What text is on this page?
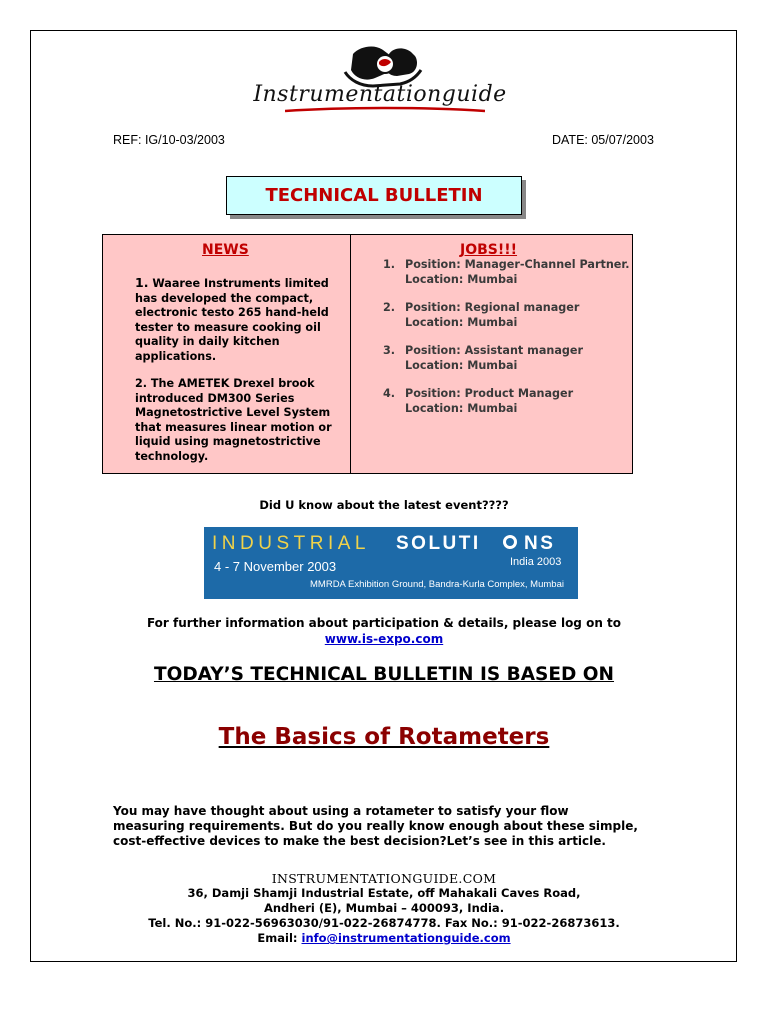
Instrumentationguide
REF: IG/10-03/2003	DATE: 05/07/2003
TECHNICAL BULLETIN
NEWS
1. Waaree Instruments limited has developed the compact, electronic testo 265 hand-held tester to measure cooking oil quality in daily kitchen applications.
2. The AMETEK Drexel brook introduced DM300 Series Magnetostrictive Level System that measures linear motion or liquid using magnetostrictive technology.
JOBS!!!
1. Position: Manager-Channel Partner.
Location: Mumbai
2. Position: Regional manager
Location: Mumbai
3. Position: Assistant manager
Location: Mumbai
4. Position: Product Manager
Location: Mumbai
Did U know about the latest event????
INDUSTRIAL SOLUTI NS
India 2003
4 - 7 November 2003
MMRDA Exhibition Ground, Bandra-Kurla Complex, Mumbai
For further information about participation & details, please log on to
www.is-expo.com
TODAY’S TECHNICAL BULLETIN IS BASED ON
The Basics of Rotameters
You may have thought about using a rotameter to satisfy your flow measuring requirements. But do you really know enough about these simple, cost-effective devices to make the best decision?Let’s see in this article.
INSTRUMENTATIONGUIDE.COM
36, Damji Shamji Industrial Estate, off Mahakali Caves Road,
Andheri (E), Mumbai – 400093, India.
Tel. No.: 91-022-56963030/91-022-26874778. Fax No.: 91-022-26873613.
Email: info@instrumentationguide.com
